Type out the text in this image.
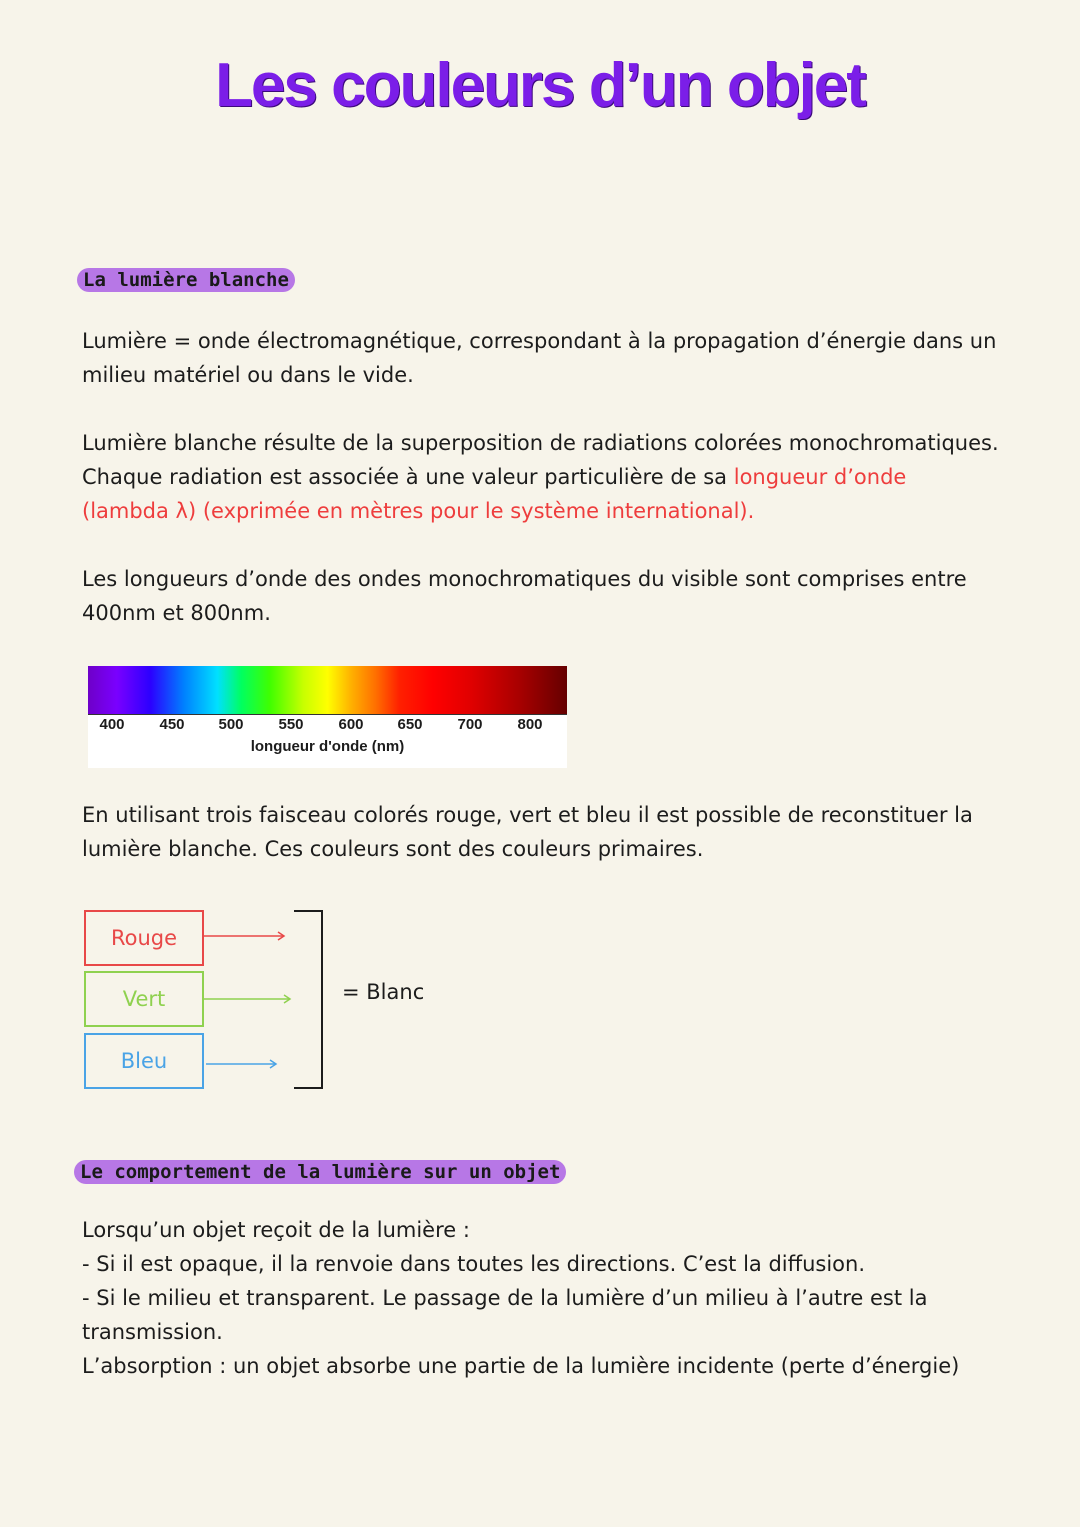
Les couleurs d’un objet
La lumière blanche

Lumière = onde électromagnétique, correspondant à la propagation d’énergie dans un
milieu matériel ou dans le vide.

Lumière blanche résulte de la superposition de radiations colorées monochromatiques.
Chaque radiation est associée à une valeur particulière de sa longueur d’onde
(lambda λ) (exprimée en mètres pour le système international).

Les longueurs d’onde des ondes monochromatiques du visible sont comprises entre
400nm et 800nm.

400	450	500	550	600	650	700	800
longueur d'onde (nm)

En utilisant trois faisceau colorés rouge, vert et bleu il est possible de reconstituer la
lumière blanche. Ces couleurs sont des couleurs primaires.

Rouge
Vert
Bleu
= Blanc
Le comportement de la lumière sur un objet
Lorsqu’un objet reçoit de la lumière :
- Si il est opaque, il la renvoie dans toutes les directions. C’est la diffusion.
- Si le milieu et transparent. Le passage de la lumière d’un milieu à l’autre est la
transmission.
L’absorption : un objet absorbe une partie de la lumière incidente (perte d’énergie)
